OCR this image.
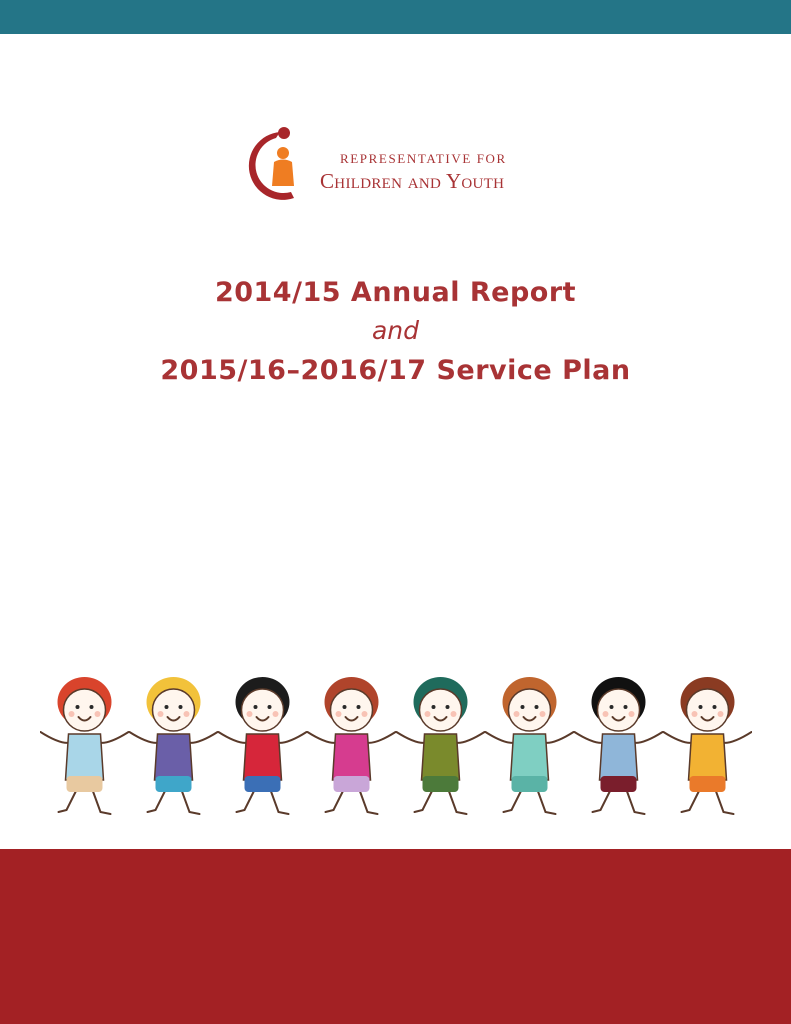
REPRESENTATIVE FOR
Children and Youth
2014/15 Annual Report
and
2015/16–2016/17 Service Plan
